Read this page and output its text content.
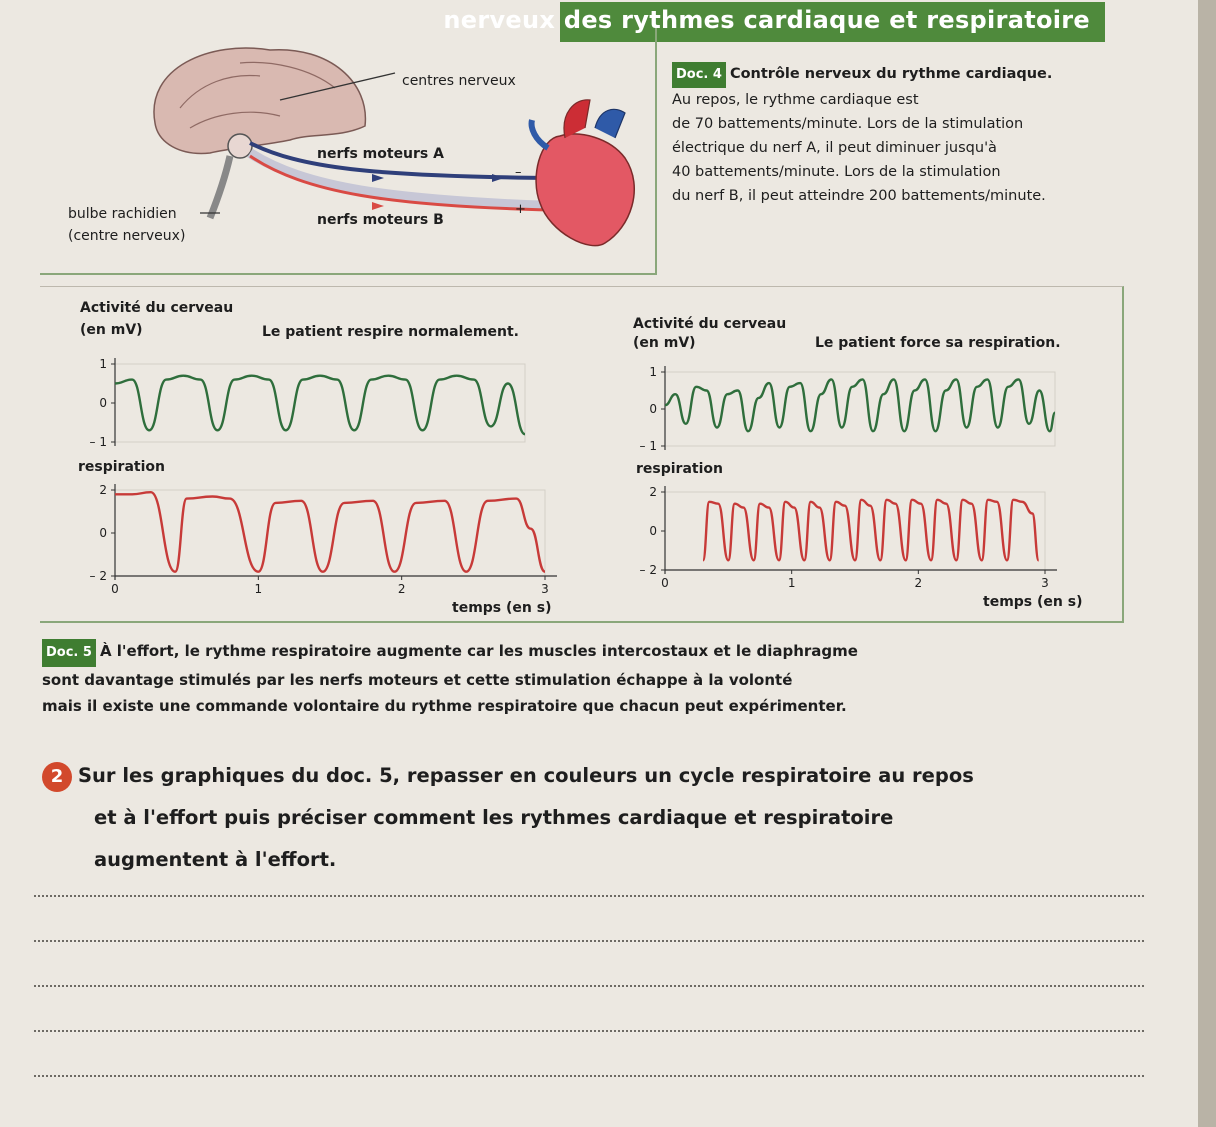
nerveux des rythmes cardiaque et respiratoire
centres nerveux
nerfs moteurs A
nerfs moteurs B
bulbe rachidien
(centre nerveux)
–
+
Doc. 4 Contrôle nerveux du rythme cardiaque.
Au repos, le rythme cardiaque est
de 70 battements/minute. Lors de la stimulation
électrique du nerf A, il peut diminuer jusqu'à
40 battements/minute. Lors de la stimulation
du nerf B, il peut atteindre 200 battements/minute.
Activité du cerveau
(en mV)	Le patient respire normalement.
respiration
temps (en s)
Activité du cerveau
(en mV)	Le patient force sa respiration.
respiration
temps (en s)
1
0
– 1
2
0
– 2
0	1	2	3
1
0
– 1
2
0
– 2
0	1	2	3
Doc. 5 À l'effort, le rythme respiratoire augmente car les muscles intercostaux et le diaphragme
sont davantage stimulés par les nerfs moteurs et cette stimulation échappe à la volonté
mais il existe une commande volontaire du rythme respiratoire que chacun peut expérimenter.
2 Sur les graphiques du doc. 5, repasser en couleurs un cycle respiratoire au repos
et à l'effort puis préciser comment les rythmes cardiaque et respiratoire
augmentent à l'effort.
